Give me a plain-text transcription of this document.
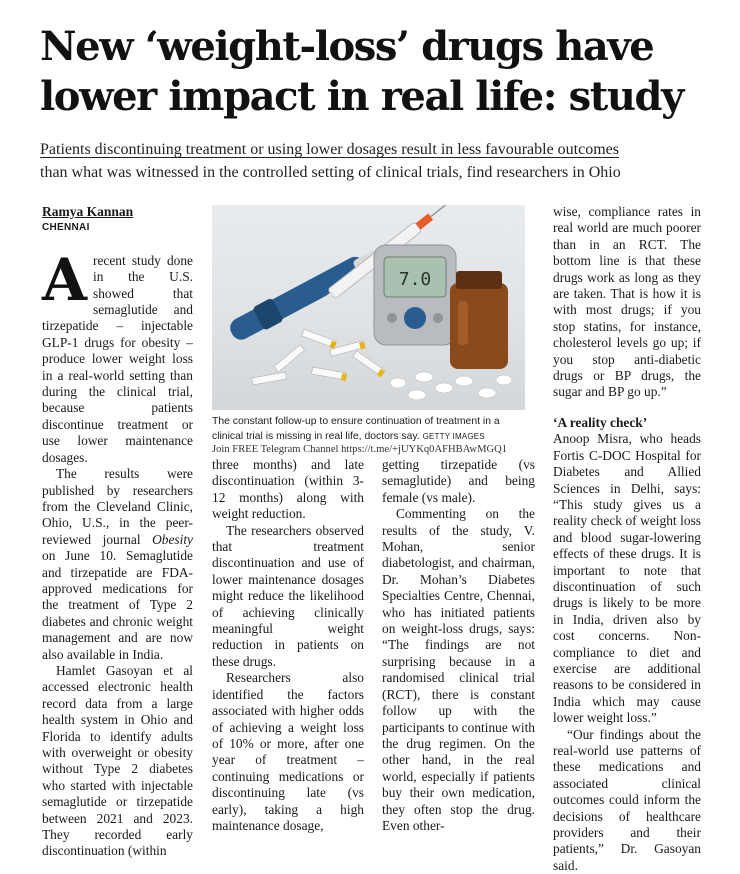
New ‘weight-loss’ drugs have
lower impact in real life: study

Patients discontinuing treatment or using lower dosages result in less favourable outcomes
than what was witnessed in the controlled setting of clinical trials, find researchers in Ohio

Ramya Kannan

CHENNAI

Arecent study done in the U.S. showed that semaglutide and tirzepatide – injectable GLP-1 drugs for obesity – produce lower weight loss in a real-world setting than during the clinical trial, because patients discontinue treatment or use lower maintenance dosages.

The results were published by researchers from the Cleveland Clinic, Ohio, U.S., in the peer-reviewed journal Obesity on June 10. Semaglutide and tirzepatide are FDA-approved medications for the treatment of Type 2 diabetes and chronic weight management and are now also available in India.

Hamlet Gasoyan et al accessed electronic health record data from a large health system in Ohio and Florida to identify adults with overweight or obesity without Type 2 diabetes who started with injectable semaglutide or tirzepatide between 2021 and 2023. They recorded early discontinuation (within

7.0

The constant follow-up to ensure continuation of treatment in a clinical trial is missing in real life, doctors say. GETTY IMAGES

Join FREE Telegram Channel https://t.me/+jUYKq0AFHBAwMGQ1

three months) and late discontinuation (within 3-12 months) along with weight reduction.

The researchers observed that treatment discontinuation and use of lower maintenance dosages might reduce the likelihood of achieving clinically meaningful weight reduction in patients on these drugs.

Researchers also identified the factors associated with higher odds of achieving a weight loss of 10% or more, after one year of treatment – continuing medications or discontinuing late (vs early), taking a high maintenance dosage,

getting tirzepatide (vs semaglutide) and being female (vs male).

Commenting on the results of the study, V. Mohan, senior diabetologist, and chairman, Dr. Mohan’s Diabetes Specialties Centre, Chennai, who has initiated patients on weight-loss drugs, says: “The findings are not surprising because in a randomised clinical trial (RCT), there is constant follow up with the participants to continue with the drug regimen. On the other hand, in the real world, especially if patients buy their own medication, they often stop the drug. Even other-

wise, compliance rates in real world are much poorer than in an RCT. The bottom line is that these drugs work as long as they are taken. That is how it is with most drugs; if you stop statins, for instance, cholesterol levels go up; if you stop anti-diabetic drugs or BP drugs, the sugar and BP go up.”

‘A reality check’

Anoop Misra, who heads Fortis C-DOC Hospital for Diabetes and Allied Sciences in Delhi, says: “This study gives us a reality check of weight loss and blood sugar-lowering effects of these drugs. It is important to note that discontinuation of such drugs is likely to be more in India, driven also by cost concerns. Non-compliance to diet and exercise are additional reasons to be considered in India which may cause lower weight loss.”

“Our findings about the real-world use patterns of these medications and associated clinical outcomes could inform the decisions of healthcare providers and their patients,” Dr. Gasoyan said.
